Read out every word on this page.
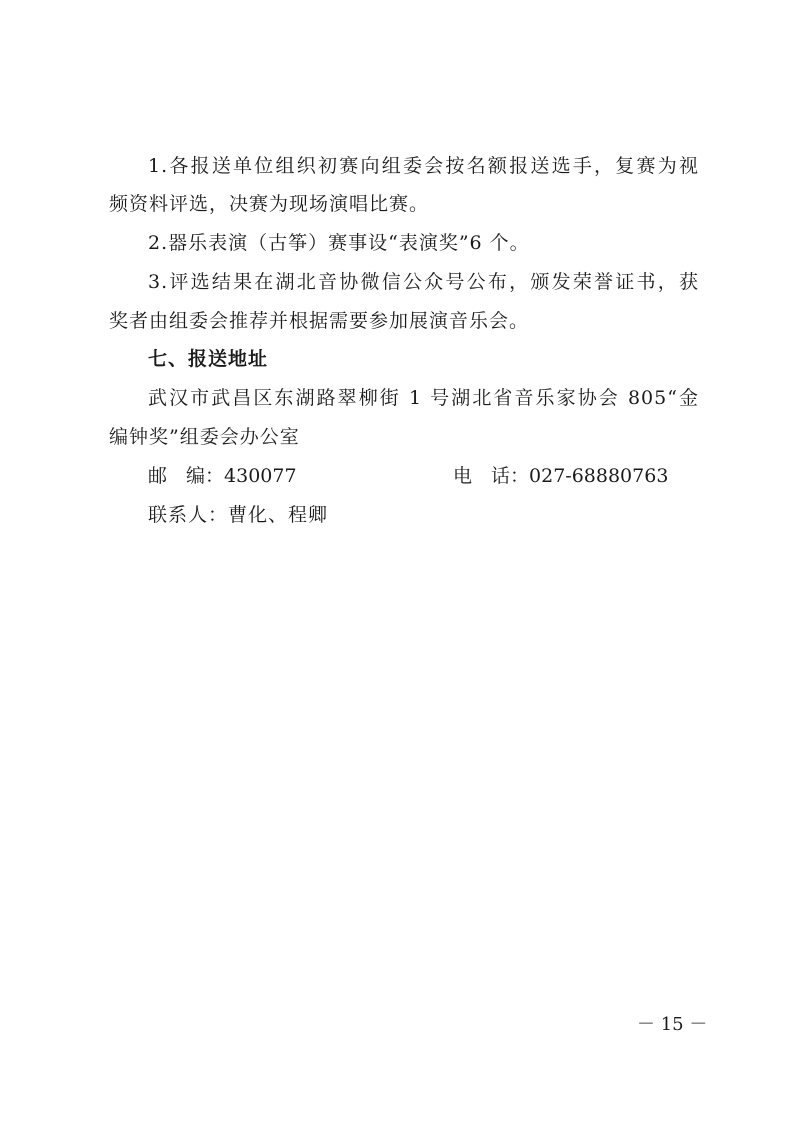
1.各报送单位组织初赛向组委会按名额报送选手，复赛为视
频资料评选，决赛为现场演唱比赛。
2.器乐表演（古筝）赛事设“表演奖”6 个。
3.评选结果在湖北音协微信公众号公布，颁发荣誉证书，获
奖者由组委会推荐并根据需要参加展演音乐会。
七、报送地址
武汉市武昌区东湖路翠柳街 1 号湖北省音乐家协会 805“金
编钟奖”组委会办公室
邮　编：430077	电　话：027-68880763
联系人：曹化、程卿
－ 15 －
